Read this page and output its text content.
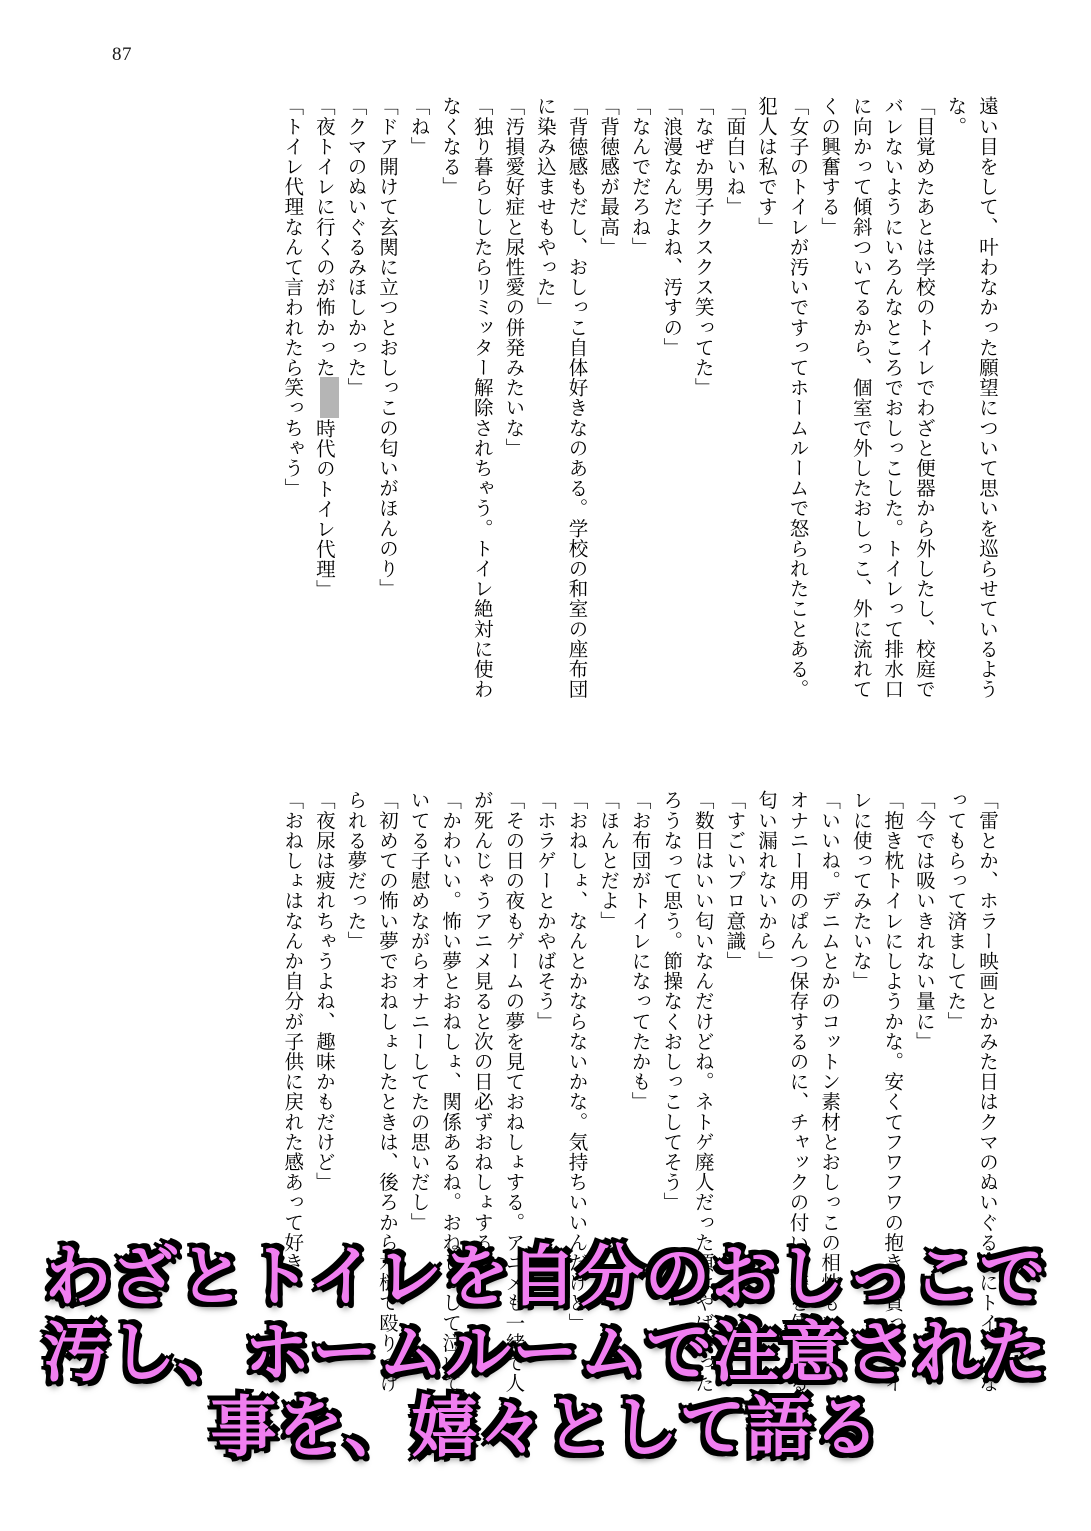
87
遠い目をして、叶わなかった願望について思いを巡らせているよう
な。
「目覚めたあとは学校のトイレでわざと便器から外したし、校庭で
バレないようにいろんなところでおしっこした。トイレって排水口
に向かって傾斜ついてるから、個室で外したおしっこ、外に流れて
くの興奮する」
「女子のトイレが汚いですってホームルームで怒られたことある。
犯人は私です」
「面白いね」
「なぜか男子クスクス笑ってた」
「浪漫なんだよね、汚すの」
「なんでだろね」
「背徳感が最高」
「背徳感もだし、おしっこ自体好きなのある。学校の和室の座布団
に染み込ませもやった」
「汚損愛好症と尿性愛の併発みたいな」
「独り暮らししたらリミッター解除されちゃう。トイレ絶対に使わ
なくなる」
「ね」
「ドア開けて玄関に立つとおしっこの匂いがほんのり」
「クマのぬいぐるみほしかった」
「夜トイレに行くのが怖かった時代のトイレ代理」
「トイレ代理なんて言われたら笑っちゃう」
「雷とか、ホラー映画とかみた日はクマのぬいぐるみにトイレにな
ってもらって済ましてた」
「今では吸いきれない量に」
「抱き枕トイレにしようかな。安くてフワフワの抱き枕買ってトイ
レに使ってみたいな」
「いいね。デニムとかのコットン素材とおしっこの相性もいいよ。
オナニー用のぱんつ保存するのに、チャックの付いた袋を使ってる。
匂い漏れないから」
「すごいプロ意識」
「数日はいい匂いなんだけどね。ネトゲ廃人だった頃はやばかった
ろうなって思う。節操なくおしっこしてそう」
「お布団がトイレになってたかも」
「ほんとだよ」
「おねしょ、なんとかならないかな。気持ちいいんだけど」
「ホラゲーとかやばそう」
「その日の夜もゲームの夢を見ておねしょする。アニメも一緒で人
が死んじゃうアニメ見ると次の日必ずおねしょする」
「かわいい。怖い夢とおねしょ、関係あるね。おねしょして泣いて
いてる子慰めながらオナニーしてたの思いだし」
「初めての怖い夢でおねしょしたときは、後ろから木槌で殴りつけ
られる夢だった」
「夜尿は疲れちゃうよね、趣味かもだけど」
「おねしょはなんか自分が子供に戻れた感あって好き」
わざとトイレを自分のおしっこで
汚し、ホームルームで注意された
事を、嬉々として語る
